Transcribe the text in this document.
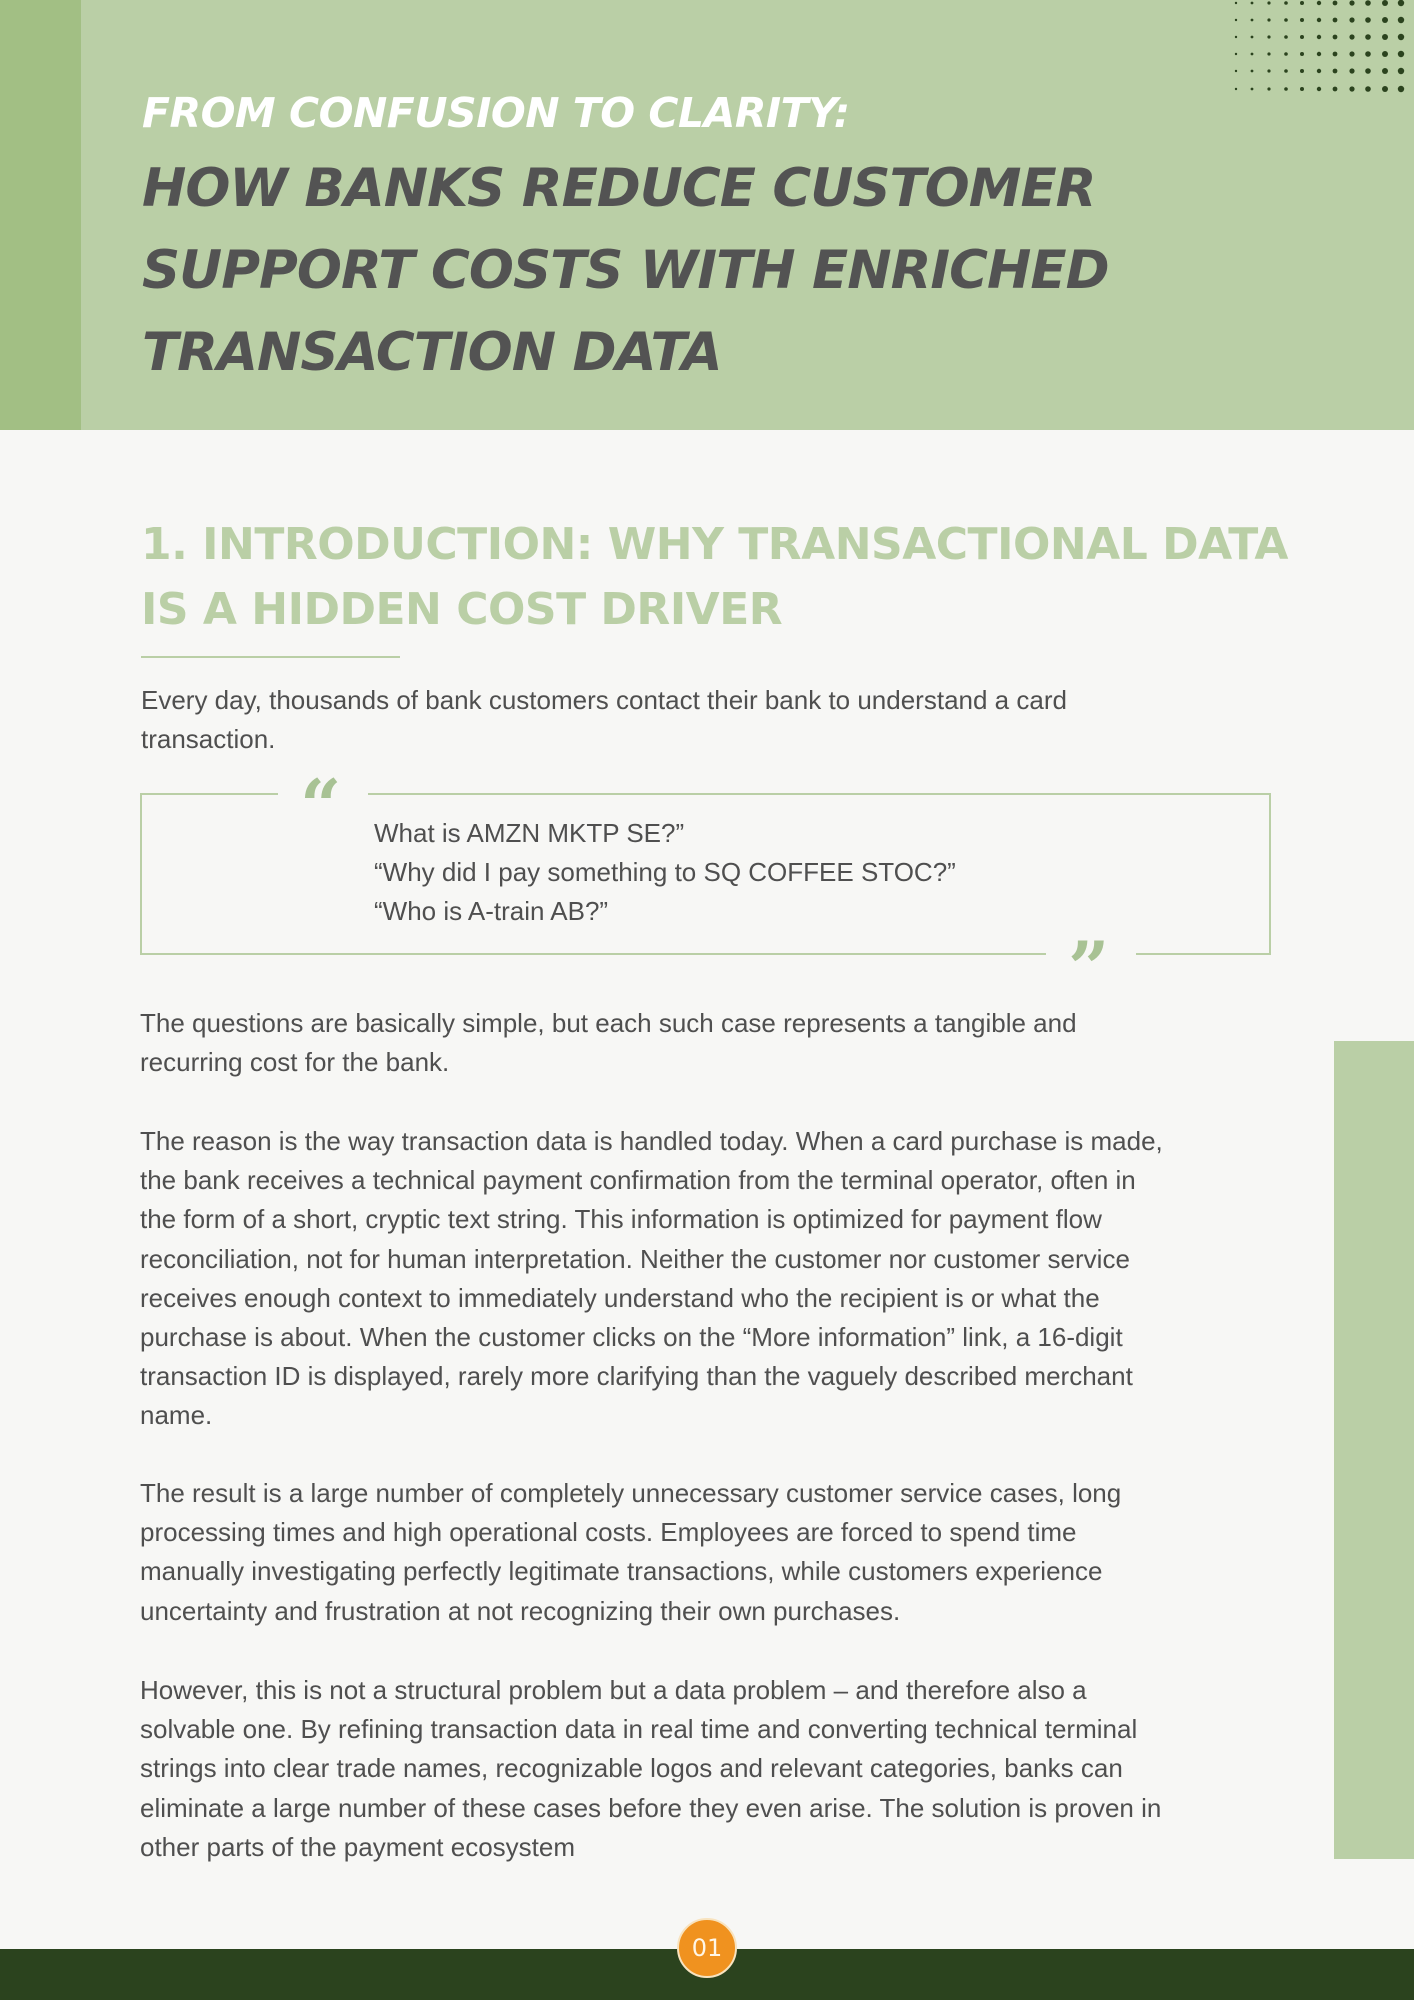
FROM CONFUSION TO CLARITY:
HOW BANKS REDUCE CUSTOMER
SUPPORT COSTS WITH ENRICHED
TRANSACTION DATA
1. INTRODUCTION: WHY TRANSACTIONAL DATA
IS A HIDDEN COST DRIVER

Every day, thousands of bank customers contact their bank to understand a card
transaction.

“
”

What is AMZN MKTP SE?”
“Why did I pay something to SQ COFFEE STOC?”
“Who is A-train AB?”

The questions are basically simple, but each such case represents a tangible and
recurring cost for the bank.

The reason is the way transaction data is handled today. When a card purchase is made,
the bank receives a technical payment confirmation from the terminal operator, often in
the form of a short, cryptic text string. This information is optimized for payment flow
reconciliation, not for human interpretation. Neither the customer nor customer service
receives enough context to immediately understand who the recipient is or what the
purchase is about. When the customer clicks on the “More information” link, a 16-digit
transaction ID is displayed, rarely more clarifying than the vaguely described merchant
name.

The result is a large number of completely unnecessary customer service cases, long
processing times and high operational costs. Employees are forced to spend time
manually investigating perfectly legitimate transactions, while customers experience
uncertainty and frustration at not recognizing their own purchases.

However, this is not a structural problem but a data problem – and therefore also a
solvable one. By refining transaction data in real time and converting technical terminal
strings into clear trade names, recognizable logos and relevant categories, banks can
eliminate a large number of these cases before they even arise. The solution is proven in
other parts of the payment ecosystem

01
